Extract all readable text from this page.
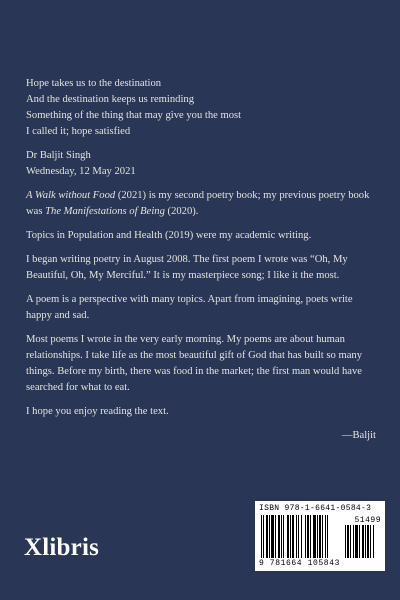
Hope takes us to the destination
And the destination keeps us reminding
Something of the thing that may give you the most
I called it; hope satisfied
Dr Baljit Singh
Wednesday, 12 May 2021

A Walk without Food (2021) is my second poetry book; my previous poetry book was The Manifestations of Being (2020).

Topics in Population and Health (2019) were my academic writing.

I began writing poetry in August 2008. The first poem I wrote was “Oh, My Beautiful, Oh, My Merciful.” It is my masterpiece song; I like it the most.

A poem is a perspective with many topics. Apart from imagining, poets write happy and sad.

Most poems I wrote in the very early morning. My poems are about human relationships. I take life as the most beautiful gift of God that has built so many things. Before my birth, there was food in the market; the first man would have searched for what to eat.

I hope you enjoy reading the text.

—Baljit
Xlibris
ISBN 978-1-6641-0584-3
51499
9 781664 105843
